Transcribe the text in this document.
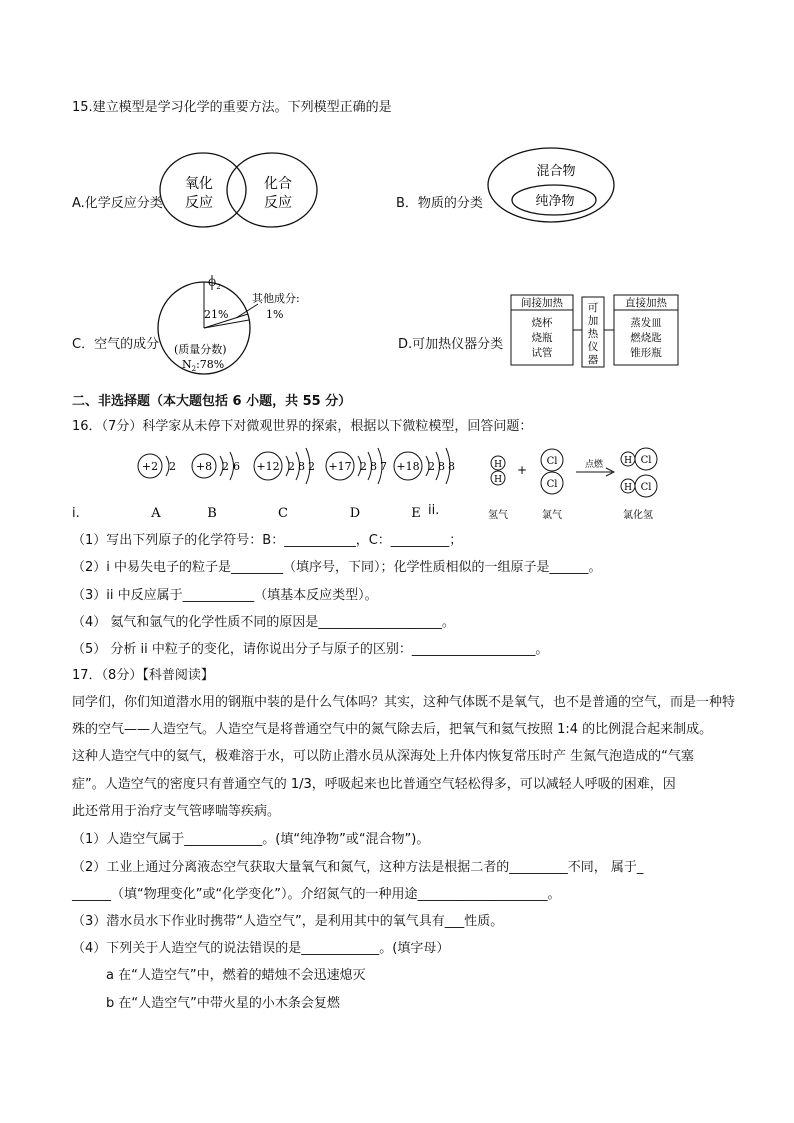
15.建立模型是学习化学的重要方法。下列模型正确的是
A.化学反应分类
氧化
反应
化合
反应	B．物质的分类
混合物
纯净物
C．空气的成分
$O_2$
21%
其他成分:
1%
(质量分数)
$N_2:78\%$
D.可加热仪器分类
间接加热
烧杯
烧瓶
试管
可
加
热
仪
器
直接加热
蒸发皿
燃烧匙
锥形瓶
二、非选择题（本大题包括 6 小题，共 55 分）
16．（7分）科学家从未停下对微观世界的探索，根据以下微粒模型，回答问题：
i.
+2 2
A
+8 2 6
B
+12 2 8 2
C
+17 2 8 7
D
+18 2 8 8
E ii.
H
H
+
Cl
Cl
点燃 H Cl
H Cl
氢气	氯气	氯化氢
（1）写出下列原子的化学符号：B：___________，C：_________；
（2）i 中易失电子的粒子是________（填序号，下同）；化学性质相似的一组原子是______。
（3）ii 中反应属于___________（填基本反应类型）。
（4） 氦气和氩气的化学性质不同的原因是___________________。
（5） 分析 ii 中粒子的变化，请你说出分子与原子的区别：___________________。
17．（8分）【科普阅读】
同学们，你们知道潜水用的钢瓶中装的是什么气体吗？其实，这种气体既不是氧气，也不是普通的空气，而是一种特
殊的空气——人造空气。人造空气是将普通空气中的氮气除去后，把氧气和氦气按照 1:4 的比例混合起来制成。
这种人造空气中的氦气，极难溶于水，可以防止潜水员从深海处上升体内恢复常压时产 生氮气泡造成的“气塞
症”。人造空气的密度只有普通空气的 1/3，呼吸起来也比普通空气轻松得多，可以减轻人呼吸的困难，因
此还常用于治疗支气管哮喘等疾病。
（1）人造空气属于____________。(填“纯净物”或“混合物”)。
（2）工业上通过分离液态空气获取大量氧气和氮气，这种方法是根据二者的_________不同， 属于_
______（填“物理变化”或“化学变化”）。介绍氮气的一种用途____________________。
（3）潜水员水下作业时携带“人造空气”，是利用其中的氧气具有___性质。
（4）下列关于人造空气的说法错误的是____________。(填字母）
a 在“人造空气”中，燃着的蜡烛不会迅速熄灭
b 在“人造空气”中带火星的小木条会复燃
